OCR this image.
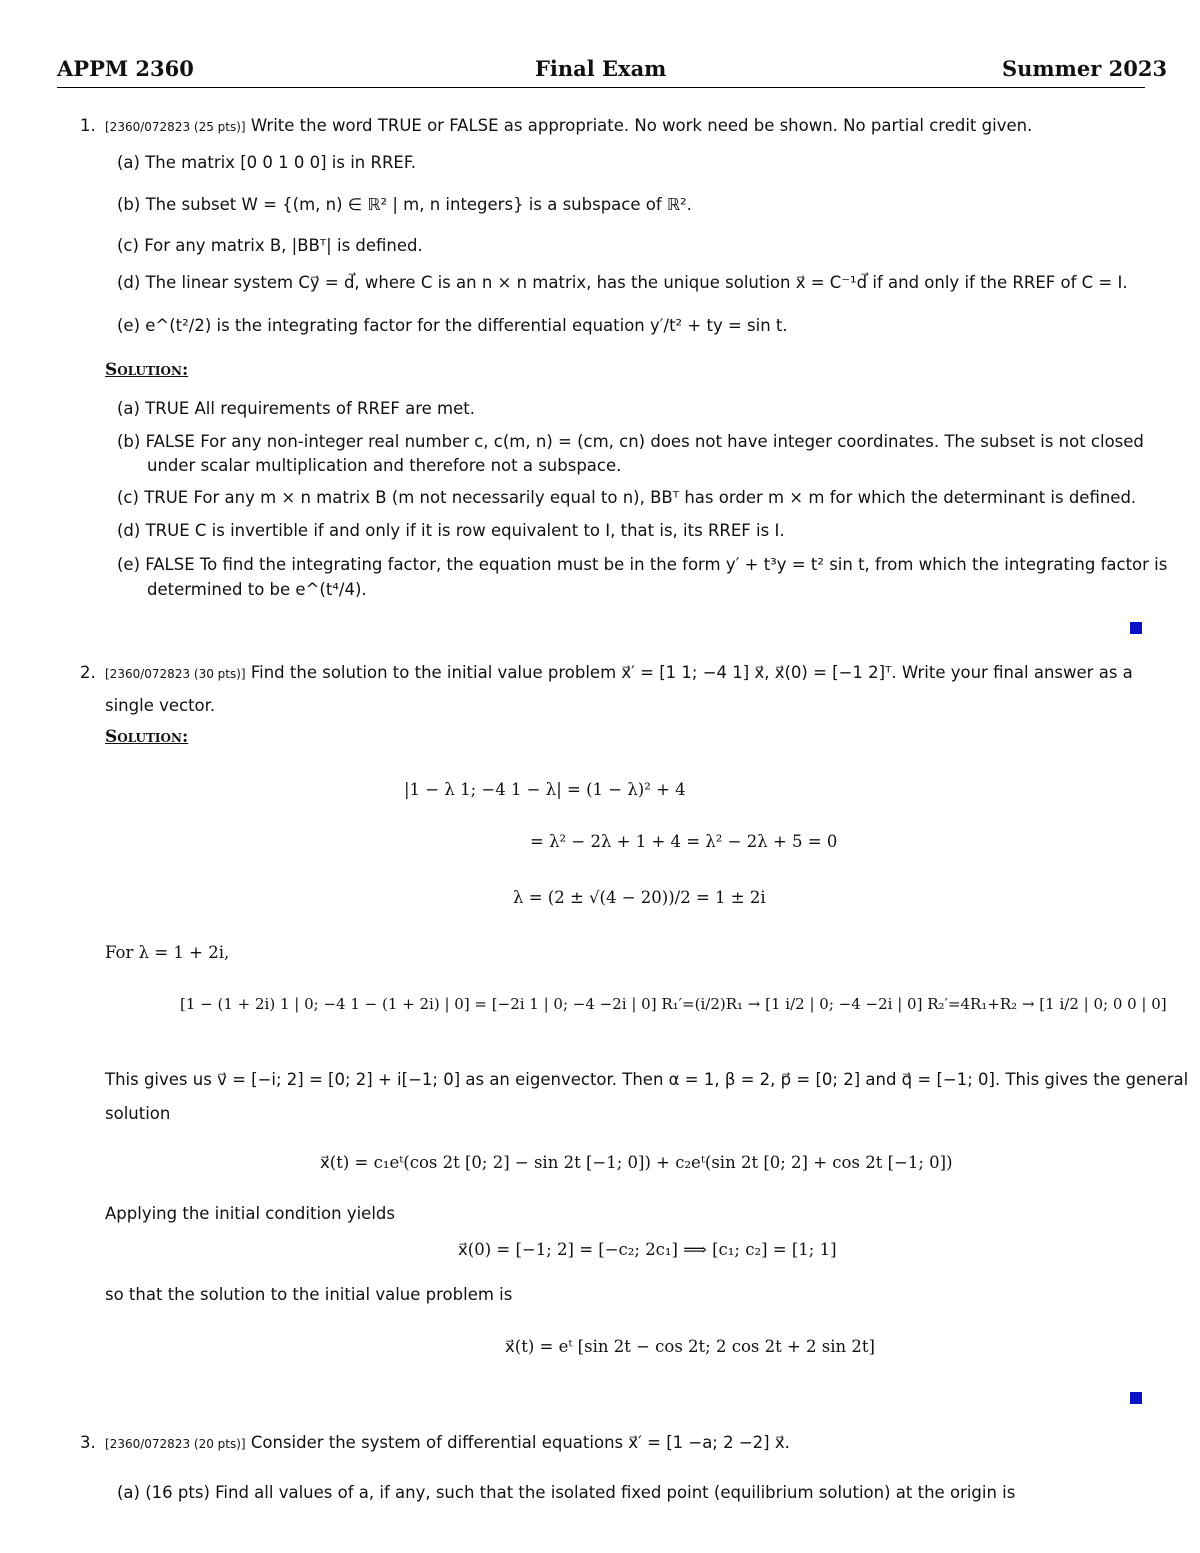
APPM 2360	Final Exam	Summer 2023
1. [2360/072823 (25 pts)] Write the word TRUE or FALSE as appropriate. No work need be shown. No partial credit given.
(a) The matrix [0 0 1 0 0] is in RREF.
(b) The subset W = {(m, n) ∈ ℝ² | m, n integers} is a subspace of ℝ².
(c) For any matrix B, |BBᵀ| is defined.
(d) The linear system Cy⃗ = d⃗, where C is an n × n matrix, has the unique solution x⃗ = C⁻¹d⃗ if and only if the RREF of C = I.
(e) e^(t²/2) is the integrating factor for the differential equation y′/t² + ty = sin t.
Solution:
(a) TRUE All requirements of RREF are met.
(b) FALSE For any non-integer real number c, c(m, n) = (cm, cn) does not have integer coordinates. The subset is not closed
under scalar multiplication and therefore not a subspace.
(c) TRUE For any m × n matrix B (m not necessarily equal to n), BBᵀ has order m × m for which the determinant is defined.
(d) TRUE C is invertible if and only if it is row equivalent to I, that is, its RREF is I.
(e) FALSE To find the integrating factor, the equation must be in the form y′ + t³y = t² sin t, from which the integrating factor is
determined to be e^(t⁴/4).
2. [2360/072823 (30 pts)] Find the solution to the initial value problem x⃗′ = [1 1; −4 1] x⃗, x⃗(0) = [−1 2]ᵀ. Write your final answer as a
single vector.
Solution:
|1 − λ 1; −4 1 − λ| = (1 − λ)² + 4
= λ² − 2λ + 1 + 4 = λ² − 2λ + 5 = 0
λ = (2 ± √(4 − 20))/2 = 1 ± 2i
For λ = 1 + 2i,
[1 − (1 + 2i) 1 | 0; −4 1 − (1 + 2i) | 0] = [−2i 1 | 0; −4 −2i | 0] R₁′=(i/2)R₁ → [1 i/2 | 0; −4 −2i | 0] R₂′=4R₁+R₂ → [1 i/2 | 0; 0 0 | 0]
This gives us v⃗ = [−i; 2] = [0; 2] + i[−1; 0] as an eigenvector. Then α = 1, β = 2, p⃗ = [0; 2] and q⃗ = [−1; 0]. This gives the general
solution
x⃗(t) = c₁eᵗ(cos 2t [0; 2] − sin 2t [−1; 0]) + c₂eᵗ(sin 2t [0; 2] + cos 2t [−1; 0])
Applying the initial condition yields
x⃗(0) = [−1; 2] = [−c₂; 2c₁] ⟹ [c₁; c₂] = [1; 1]
so that the solution to the initial value problem is
x⃗(t) = eᵗ [sin 2t − cos 2t; 2 cos 2t + 2 sin 2t]
3. [2360/072823 (20 pts)] Consider the system of differential equations x⃗′ = [1 −a; 2 −2] x⃗.
(a) (16 pts) Find all values of a, if any, such that the isolated fixed point (equilibrium solution) at the origin is
